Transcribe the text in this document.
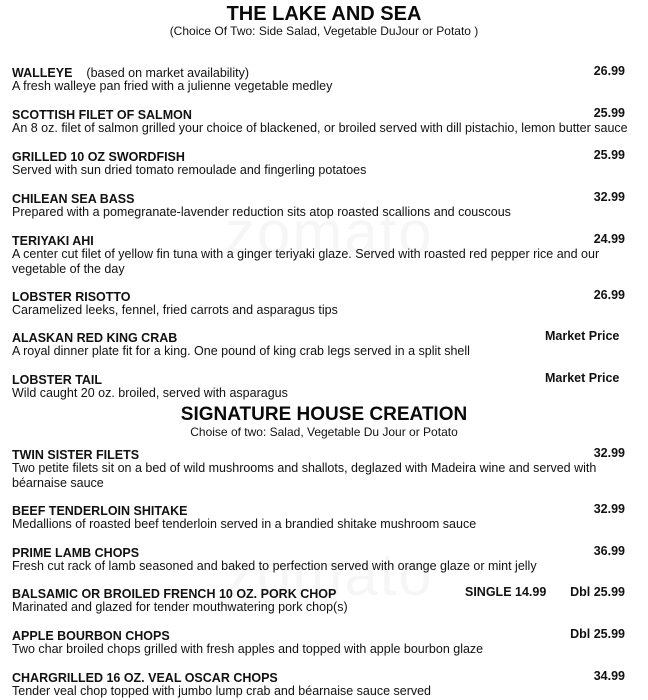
THE LAKE AND SEA
(Choice Of Two: Side Salad, Vegetable DuJour or Potato )
WALLEYE (based on market availability)	26.99
A fresh walleye pan fried with a julienne vegetable medley
SCOTTISH FILET OF SALMON	25.99
An 8 oz. filet of salmon grilled your choice of blackened, or broiled served with dill pistachio, lemon butter sauce
GRILLED 10 OZ SWORDFISH	25.99
Served with sun dried tomato remoulade and fingerling potatoes
CHILEAN SEA BASS	32.99
Prepared with a pomegranate-lavender reduction sits atop roasted scallions and couscous
TERIYAKI AHI	24.99
A center cut filet of yellow fin tuna with a ginger teriyaki glaze. Served with roasted red pepper rice and our vegetable of the day
LOBSTER RISOTTO	26.99
Caramelized leeks, fennel, fried carrots and asparagus tips
ALASKAN RED KING CRAB	Market Price
A royal dinner plate fit for a king. One pound of king crab legs served in a split shell
LOBSTER TAIL	Market Price
Wild caught 20 oz. broiled, served with asparagus
SIGNATURE HOUSE CREATION
Choise of two: Salad, Vegetable Du Jour or Potato
TWIN SISTER FILETS	32.99
Two petite filets sit on a bed of wild mushrooms and shallots, deglazed with Madeira wine and served with béarnaise sauce
BEEF TENDERLOIN SHITAKE	32.99
Medallions of roasted beef tenderloin served in a brandied shitake mushroom sauce
PRIME LAMB CHOPS	36.99
Fresh cut rack of lamb seasoned and baked to perfection served with orange glaze or mint jelly
BALSAMIC OR BROILED FRENCH 10 OZ. PORK CHOP	SINGLE 14.99 Dbl 25.99
Marinated and glazed for tender mouthwatering pork chop(s)
APPLE BOURBON CHOPS	Dbl 25.99
Two char broiled chops grilled with fresh apples and topped with apple bourbon glaze
CHARGRILLED 16 OZ. VEAL OSCAR CHOPS	34.99
Tender veal chop topped with jumbo lump crab and béarnaise sauce served
